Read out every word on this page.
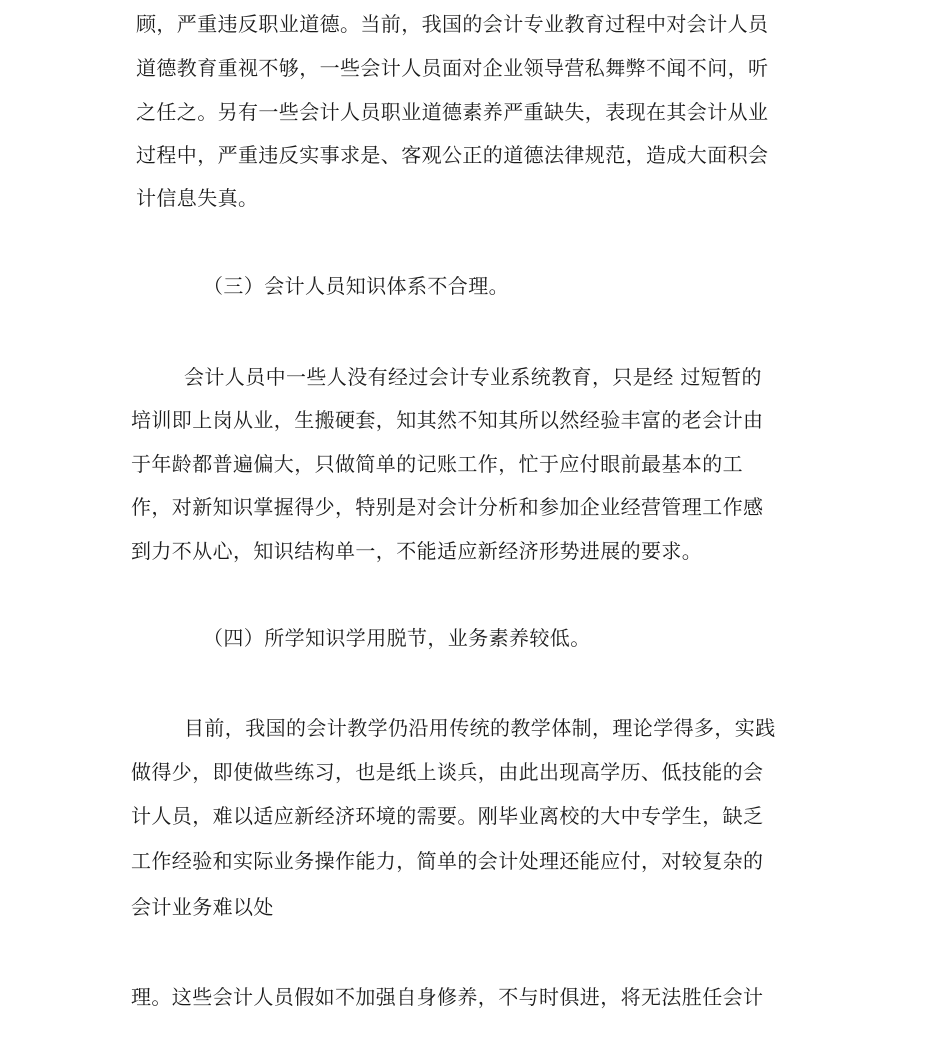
顾，严重违反职业道德。当前，我国的会计专业教育过程中对会计人员
道德教育重视不够，一些会计人员面对企业领导营私舞弊不闻不问，听
之任之。另有一些会计人员职业道德素养严重缺失，表现在其会计从业
过程中，严重违反实事求是、客观公正的道德法律规范，造成大面积会
计信息失真。
（三）会计人员知识体系不合理。
会计人员中一些人没有经过会计专业系统教育，只是经 过短暂的
培训即上岗从业，生搬硬套，知其然不知其所以然经验丰富的老会计由
于年龄都普遍偏大，只做简单的记账工作，忙于应付眼前最基本的工
作，对新知识掌握得少，特别是对会计分析和参加企业经营管理工作感
到力不从心，知识结构单一，不能适应新经济形势进展的要求。
（四）所学知识学用脱节，业务素养较低。
目前，我国的会计教学仍沿用传统的教学体制，理论学得多，实践
做得少，即使做些练习，也是纸上谈兵，由此出现高学历、低技能的会
计人员，难以适应新经济环境的需要。刚毕业离校的大中专学生，缺乏
工作经验和实际业务操作能力，简单的会计处理还能应付，对较复杂的
会计业务难以处
理。这些会计人员假如不加强自身修养，不与时俱进，将无法胜任会计
